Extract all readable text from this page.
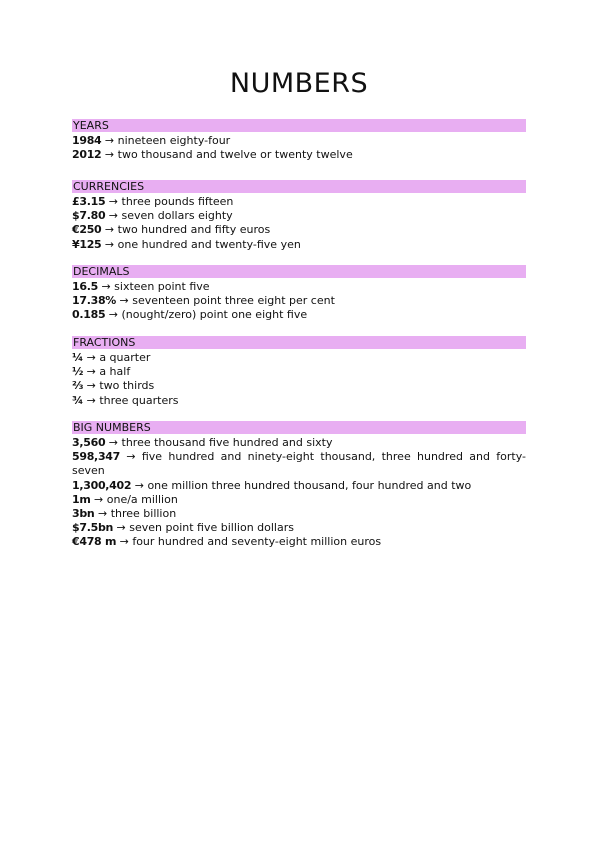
NUMBERS
YEARS
1984 → nineteen eighty-four
2012 → two thousand and twelve or twenty twelve
CURRENCIES
£3.15 → three pounds fifteen
$7.80 → seven dollars eighty
€250 → two hundred and fifty euros
¥125 → one hundred and twenty-five yen
DECIMALS
16.5 → sixteen point five
17.38% → seventeen point three eight per cent
0.185 → (nought/zero) point one eight five
FRACTIONS
¼ → a quarter
½ → a half
⅔ → two thirds
¾ → three quarters
BIG NUMBERS
3,560 → three thousand five hundred and sixty
598,347 → five hundred and ninety-eight thousand, three hundred and forty-seven
1,300,402 → one million three hundred thousand, four hundred and two
1m → one/a million
3bn → three billion
$7.5bn → seven point five billion dollars
€478 m → four hundred and seventy-eight million euros
